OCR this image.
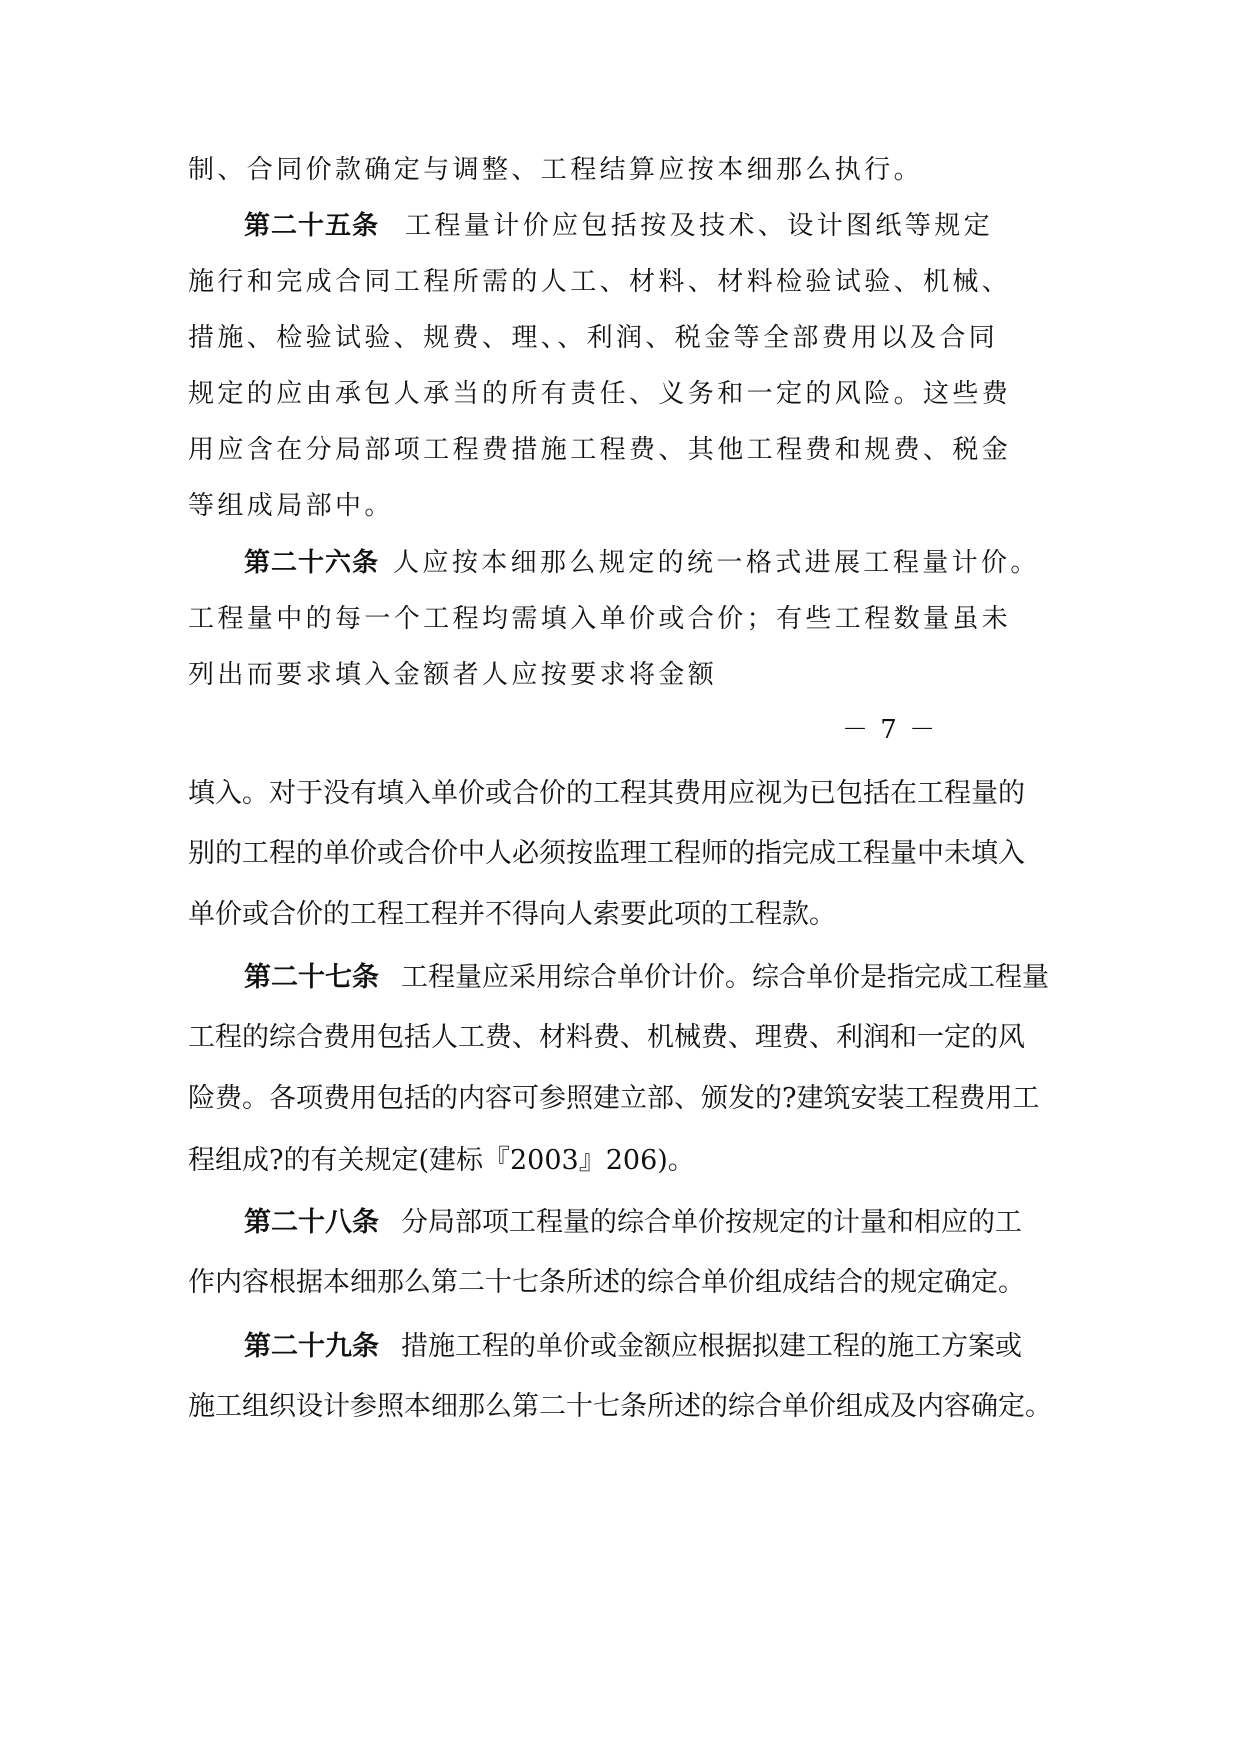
制、合同价款确定与调整、工程结算应按本细那么执行。
第二十五条 工程量计价应包括按及技术、设计图纸等规定
施行和完成合同工程所需的人工、材料、材料检验试验、机械、
措施、检验试验、规费、理、、利润、税金等全部费用以及合同
规定的应由承包人承当的所有责任、义务和一定的风险。这些费
用应含在分局部项工程费措施工程费、其他工程费和规费、税金
等组成局部中。
第二十六条 人应按本细那么规定的统一格式进展工程量计价。
工程量中的每一个工程均需填入单价或合价；有些工程数量虽未
列出而要求填入金额者人应按要求将金额
－ 7 －
填入。对于没有填入单价或合价的工程其费用应视为已包括在工程量的
别的工程的单价或合价中人必须按监理工程师的指完成工程量中未填入
单价或合价的工程工程并不得向人索要此项的工程款。
第二十七条 工程量应采用综合单价计价。综合单价是指完成工程量
工程的综合费用包括人工费、材料费、机械费、理费、利润和一定的风
险费。各项费用包括的内容可参照建立部、颁发的?建筑安装工程费用工
程组成?的有关规定(建标『2003』206)。
第二十八条 分局部项工程量的综合单价按规定的计量和相应的工
作内容根据本细那么第二十七条所述的综合单价组成结合的规定确定。
第二十九条 措施工程的单价或金额应根据拟建工程的施工方案或
施工组织设计参照本细那么第二十七条所述的综合单价组成及内容确定。
